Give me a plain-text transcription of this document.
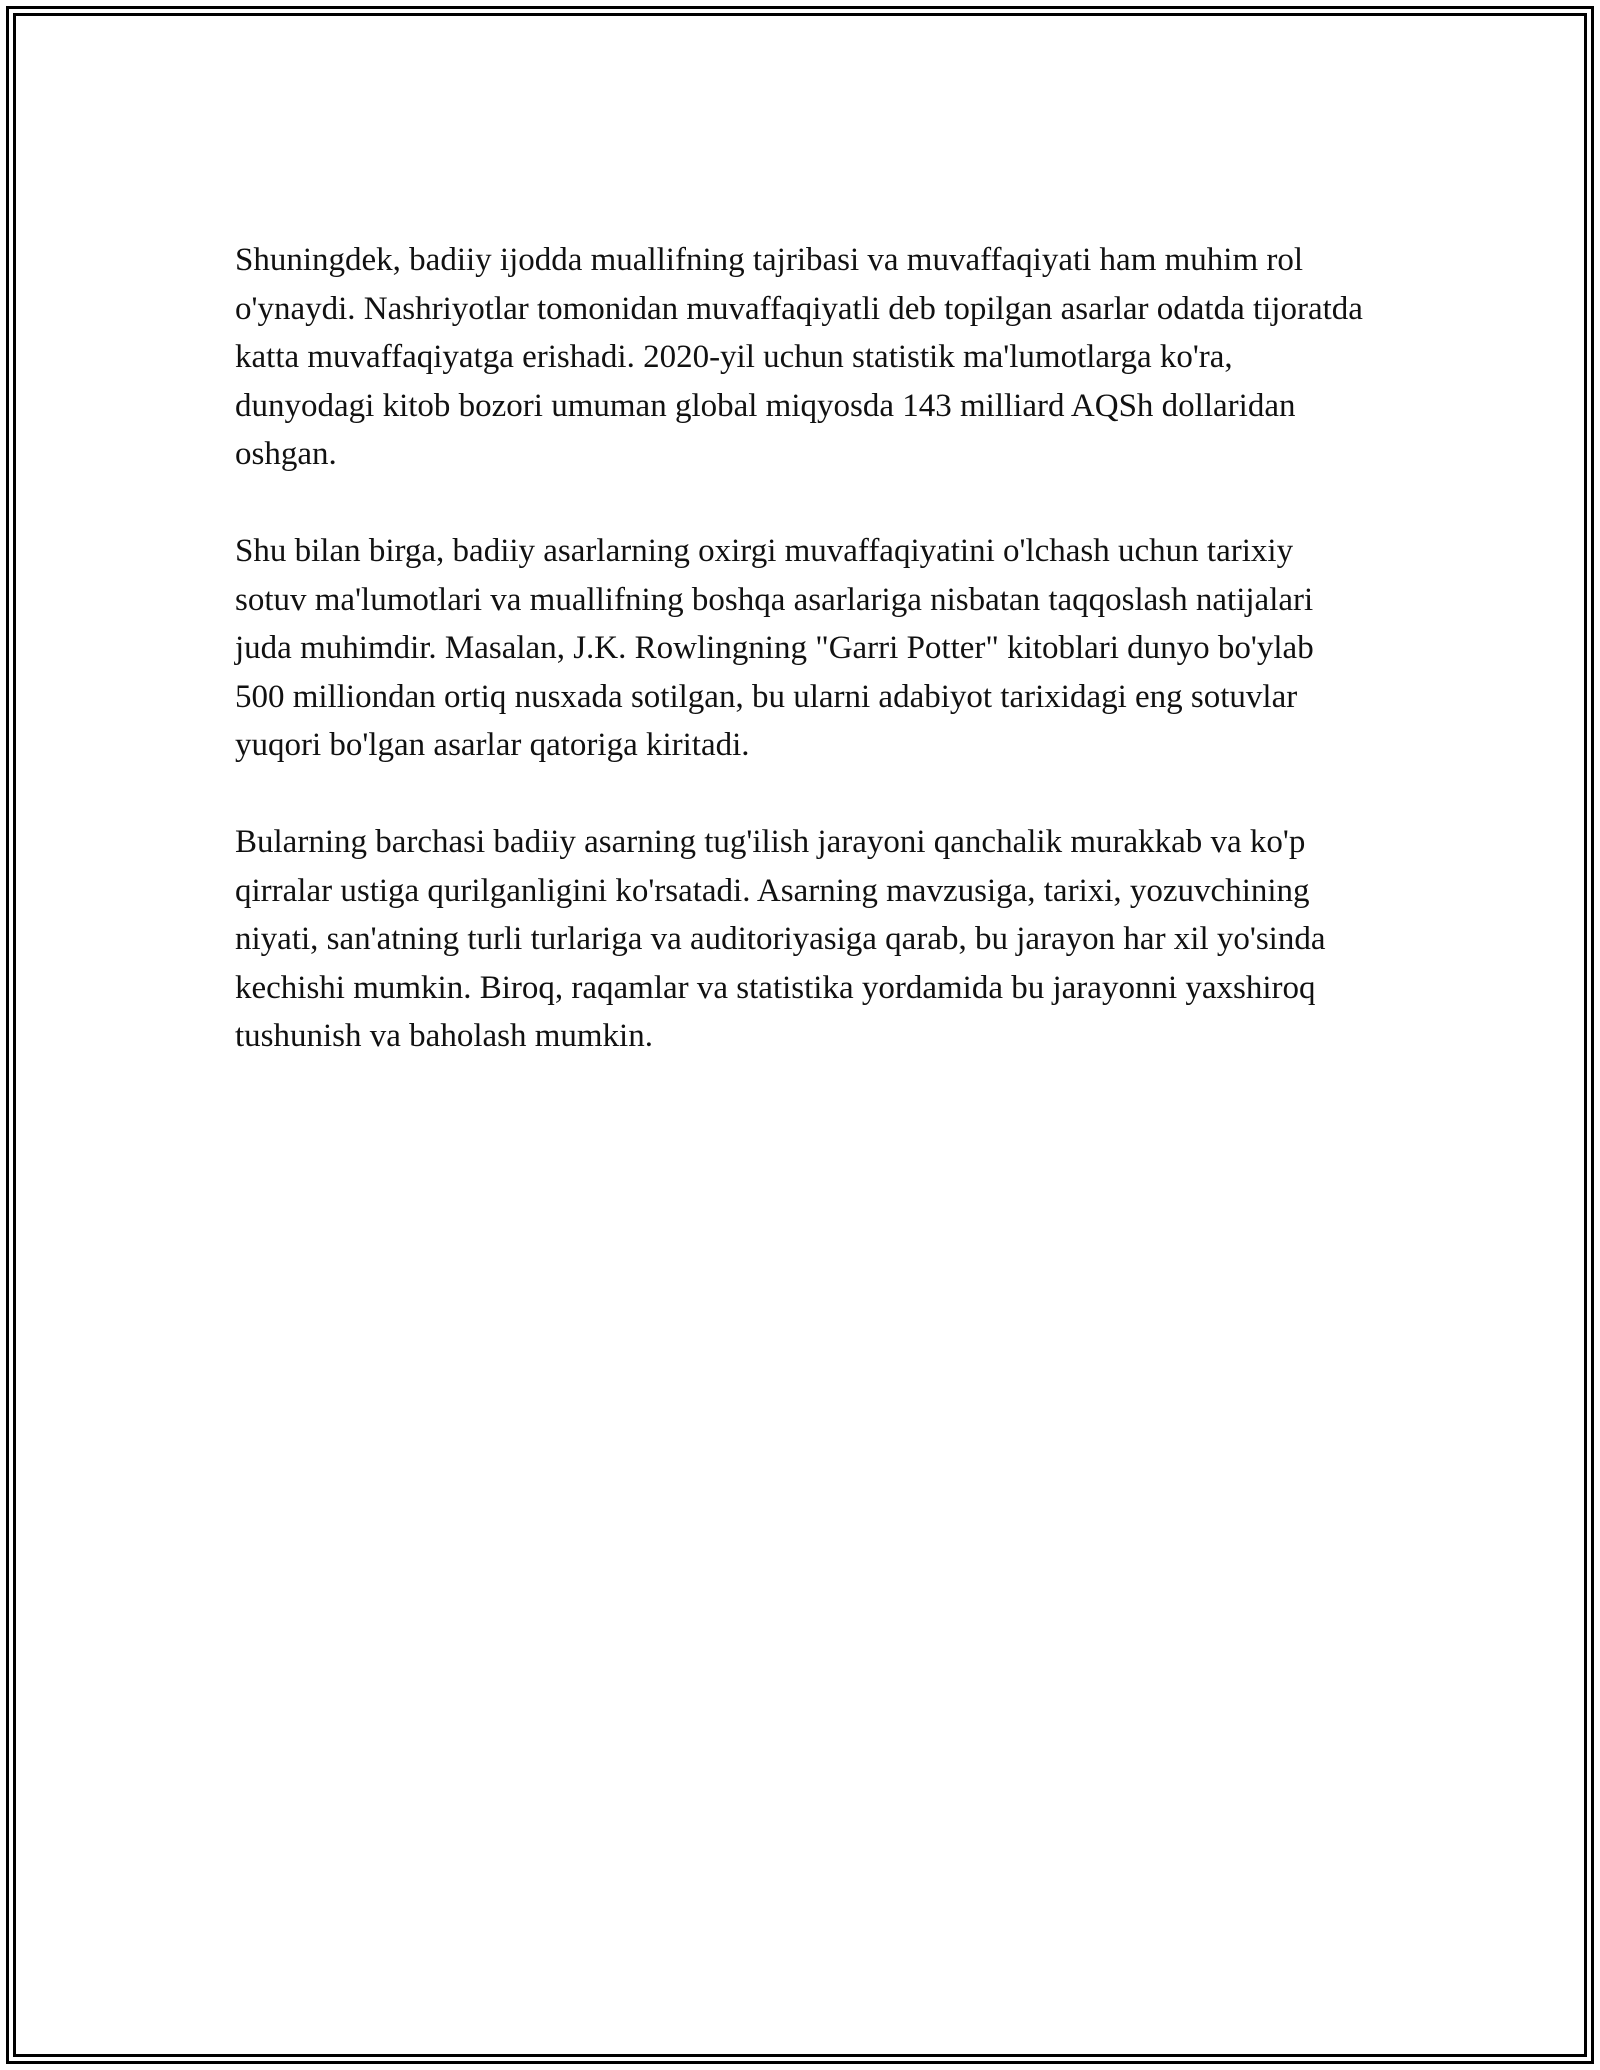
Shuningdek, badiiy ijodda muallifning tajribasi va muvaffaqiyati ham muhim rol o'ynaydi. Nashriyotlar tomonidan muvaffaqiyatli deb topilgan asarlar odatda tijoratda katta muvaffaqiyatga erishadi. 2020-yil uchun statistik ma'lumotlarga ko'ra, dunyodagi kitob bozori umuman global miqyosda 143 milliard AQSh dollaridan oshgan.

Shu bilan birga, badiiy asarlarning oxirgi muvaffaqiyatini o'lchash uchun tarixiy sotuv ma'lumotlari va muallifning boshqa asarlariga nisbatan taqqoslash natijalari juda muhimdir. Masalan, J.K. Rowlingning "Garri Potter" kitoblari dunyo bo'ylab 500 milliondan ortiq nusxada sotilgan, bu ularni adabiyot tarixidagi eng sotuvlar yuqori bo'lgan asarlar qatoriga kiritadi.

Bularning barchasi badiiy asarning tug'ilish jarayoni qanchalik murakkab va ko'p qirralar ustiga qurilganligini ko'rsatadi. Asarning mavzusiga, tarixi, yozuvchining niyati, san'atning turli turlariga va auditoriyasiga qarab, bu jarayon har xil yo'sinda kechishi mumkin. Biroq, raqamlar va statistika yordamida bu jarayonni yaxshiroq tushunish va baholash mumkin.
